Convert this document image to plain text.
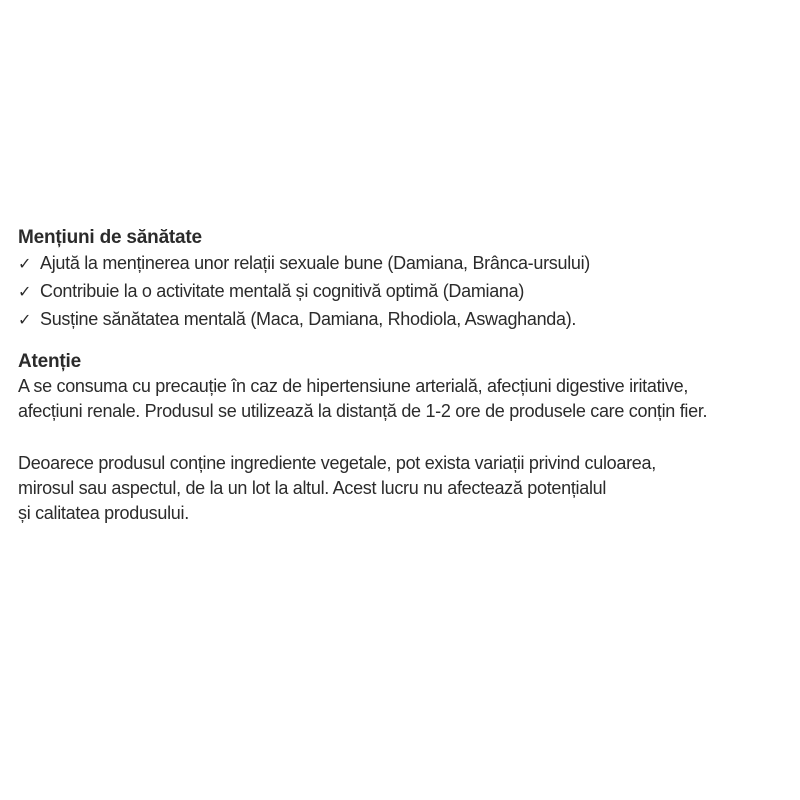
Mențiuni de sănătate
✓ Ajută la menținerea unor relații sexuale bune (Damiana, Brânca-ursului)
✓ Contribuie la o activitate mentală și cognitivă optimă (Damiana)
✓ Susține sănătatea mentală (Maca, Damiana, Rhodiola, Aswaghanda).
Atenție

A se consuma cu precauție în caz de hipertensiune arterială, afecțiuni digestive iritative,
afecțiuni renale. Produsul se utilizează la distanță de 1-2 ore de produsele care conțin fier.

Deoarece produsul conține ingrediente vegetale, pot exista variații privind culoarea,
mirosul sau aspectul, de la un lot la altul. Acest lucru nu afectează potențialul
și calitatea produsului.
